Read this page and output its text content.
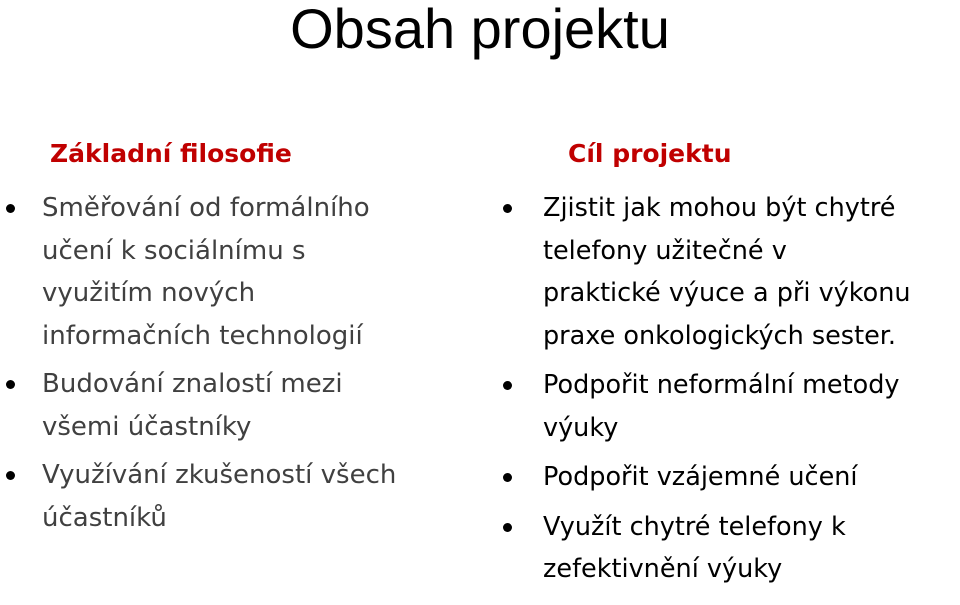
Obsah projektu
Základní filosofie
Směřování od formálního
učení k sociálnímu s
využitím nových
informačních technologií
Budování znalostí mezi
všemi účastníky
Využívání zkušeností všech
účastníků
Cíl projektu
Zjistit jak mohou být chytré
telefony užitečné v
praktické výuce a při výkonu
praxe onkologických sester.
Podpořit neformální metody
výuky
Podpořit vzájemné učení
Využít chytré telefony k
zefektivnění výuky
